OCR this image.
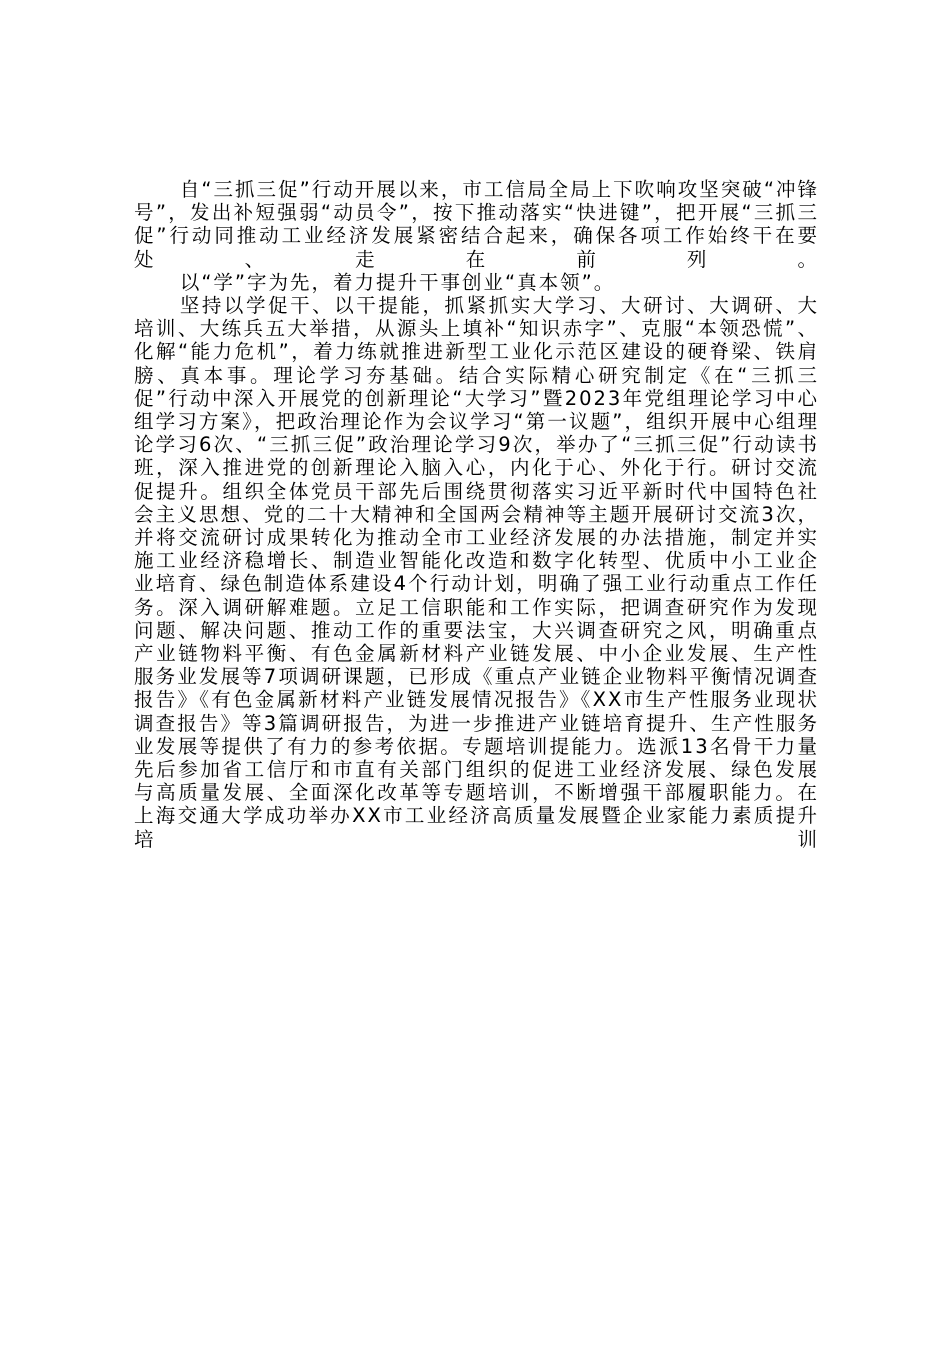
自“三抓三促”行动开展以来，市工信局全局上下吹响攻坚突破“冲锋号”，发出补短强弱“动员令”，按下推动落实“快进键”，把开展“三抓三促”行动同推动工业经济发展紧密结合起来，确保各项工作始终干在要处、走在前列。

以“学”字为先，着力提升干事创业“真本领”。

坚持以学促干、以干提能，抓紧抓实大学习、大研讨、大调研、大培训、大练兵五大举措，从源头上填补“知识赤字”、克服“本领恐慌”、化解“能力危机”，着力练就推进新型工业化示范区建设的硬脊梁、铁肩膀、真本事。理论学习夯基础。结合实际精心研究制定《在“三抓三促”行动中深入开展党的创新理论“大学习”暨2023年党组理论学习中心组学习方案》，把政治理论作为会议学习“第一议题”，组织开展中心组理论学习6次、“三抓三促”政治理论学习9次，举办了“三抓三促”行动读书班，深入推进党的创新理论入脑入心，内化于心、外化于行。研讨交流促提升。组织全体党员干部先后围绕贯彻落实习近平新时代中国特色社会主义思想、党的二十大精神和全国两会精神等主题开展研讨交流3次，并将交流研讨成果转化为推动全市工业经济发展的办法措施，制定并实施工业经济稳增长、制造业智能化改造和数字化转型、优质中小工业企业培育、绿色制造体系建设4个行动计划，明确了强工业行动重点工作任务。深入调研解难题。立足工信职能和工作实际，把调查研究作为发现问题、解决问题、推动工作的重要法宝，大兴调查研究之风，明确重点产业链物料平衡、有色金属新材料产业链发展、中小企业发展、生产性服务业发展等7项调研课题，已形成《重点产业链企业物料平衡情况调查报告》《有色金属新材料产业链发展情况报告》《XX市生产性服务业现状调查报告》等3篇调研报告，为进一步推进产业链培育提升、生产性服务业发展等提供了有力的参考依据。专题培训提能力。选派13名骨干力量先后参加省工信厅和市直有关部门组织的促进工业经济发展、绿色发展与高质量发展、全面深化改革等专题培训，不断增强干部履职能力。在上海交通大学成功举办XX市工业经济高质量发展暨企业家能力素质提升培训
